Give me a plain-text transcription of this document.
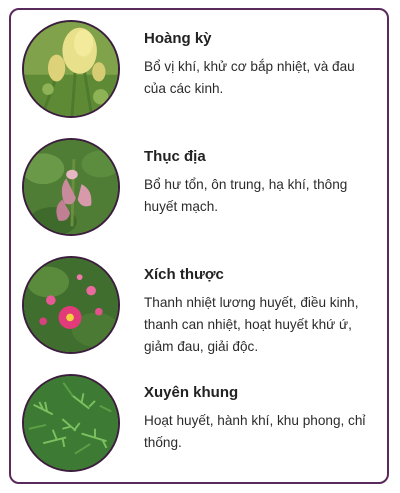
Hoàng kỳ
Bổ vị khí, khử cơ bắp nhiệt, và đau của các kinh.
Thục địa
Bổ hư tổn, ôn trung, hạ khí, thông huyết mạch.
Xích thược
Thanh nhiệt lương huyết, điều kinh, thanh can nhiệt, hoạt huyết khứ ứ, giảm đau, giải độc.
Xuyên khung
Hoạt huyết, hành khí, khu phong, chỉ thống.
